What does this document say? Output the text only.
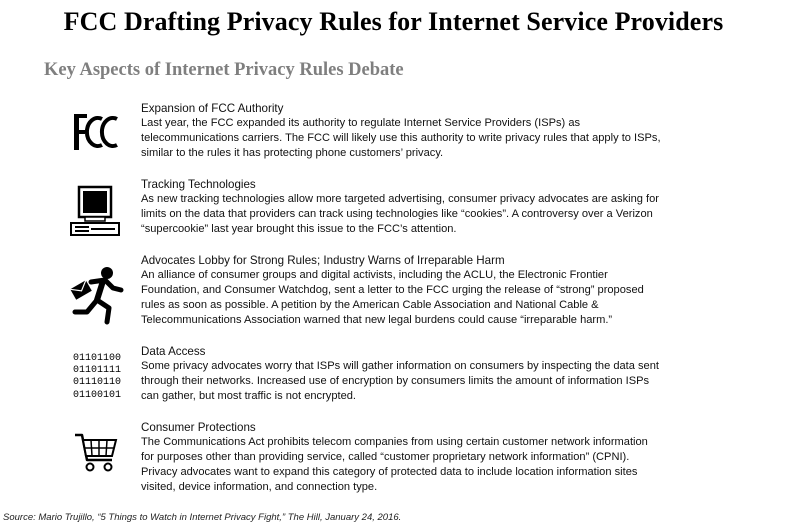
FCC Drafting Privacy Rules for Internet Service Providers
Key Aspects of Internet Privacy Rules Debate
Expansion of FCC Authority
Last year, the FCC expanded its authority to regulate Internet Service Providers (ISPs) as telecommunications carriers. The FCC will likely use this authority to write privacy rules that apply to ISPs, similar to the rules it has protecting phone customers’ privacy.
Tracking Technologies
As new tracking technologies allow more targeted advertising, consumer privacy advocates are asking for limits on the data that providers can track using technologies like “cookies”. A controversy over a Verizon “supercookie” last year brought this issue to the FCC’s attention.
Advocates Lobby for Strong Rules; Industry Warns of Irreparable Harm
An alliance of consumer groups and digital activists, including the ACLU, the Electronic Frontier Foundation, and Consumer Watchdog, sent a letter to the FCC urging the release of “strong” proposed rules as soon as possible. A petition by the American Cable Association and National Cable & Telecommunications Association warned that new legal burdens could cause “irreparable harm.”
01101100
01101111
01110110
01100101
Data Access
Some privacy advocates worry that ISPs will gather information on consumers by inspecting the data sent through their networks. Increased use of encryption by consumers limits the amount of information ISPs can gather, but most traffic is not encrypted.
Consumer Protections
The Communications Act prohibits telecom companies from using certain customer network information for purposes other than providing service, called “customer proprietary network information” (CPNI). Privacy advocates want to expand this category of protected data to include location information sites visited, device information, and connection type.
Source: Mario Trujillo, “5 Things to Watch in Internet Privacy Fight,” The Hill, January 24, 2016.
